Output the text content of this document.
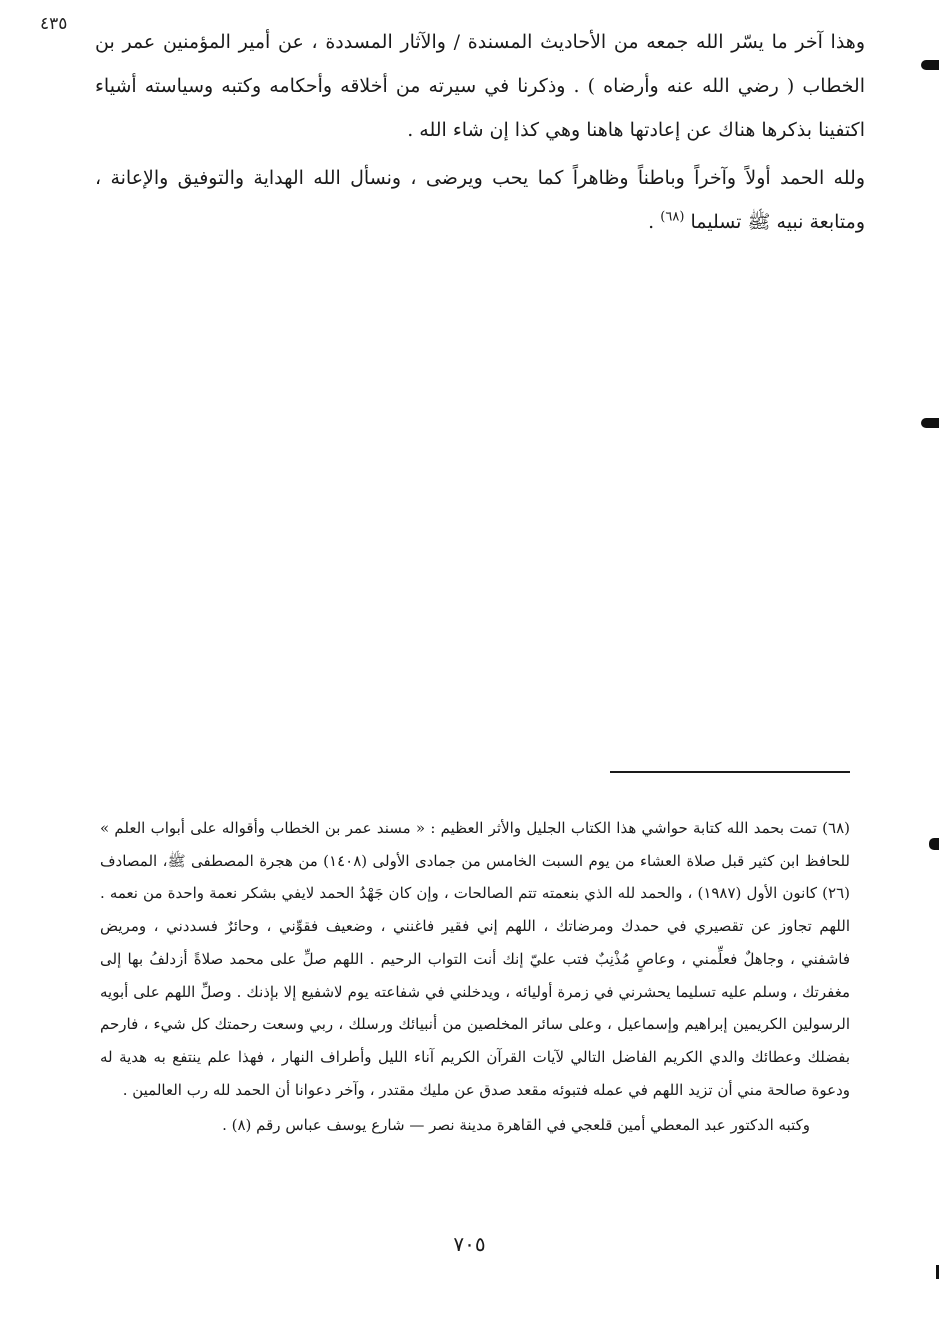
٤٣٥

وهذا آخر ما يسّر الله جمعه من الأحاديث المسندة / والآثار المسددة ، عن أمير المؤمنين عمر بن الخطاب ( رضي الله عنه وأرضاه ) . وذكرنا في سيرته من أخلاقه وأحكامه وكتبه وسياسته أشياء اكتفينا بذكرها هناك عن إعادتها هاهنا وهي كذا إن شاء الله .

ولله الحمد أولاً وآخراً وباطناً وظاهراً كما يحب ويرضى ، ونسأل الله الهداية والتوفيق والإعانة ، ومتابعة نبيه ﷺ تسليما $^{(٦٨)}$ .

(٦٨) تمت بحمد الله كتابة حواشي هذا الكتاب الجليل والأثر العظيم : « مسند عمر بن الخطاب وأقواله على أبواب العلم » للحافظ ابن كثير قبل صلاة العشاء من يوم السبت الخامس من جمادى الأولى (١٤٠٨) من هجرة المصطفى ﷺ، المصادف (٢٦) كانون الأول (١٩٨٧) ، والحمد لله الذي بنعمته تتم الصالحات ، وإن كان جَهْدُ الحمد لايفي بشكر نعمة واحدة من نعمه . اللهم تجاوز عن تقصيري في حمدك ومرضاتك ، اللهم إني فقير فاغنني ، وضعيف فقوِّني ، وحائرٌ فسددني ، ومريض فاشفني ، وجاهلٌ فعلِّمني ، وعاصٍ مُذْنِبٌ فتب عليّ إنك أنت التواب الرحيم . اللهم صلِّ على محمد صلاةً أزدلفُ بها إلى مغفرتك ، وسلم عليه تسليما يحشرني في زمرة أوليائه ، ويدخلني في شفاعته يوم لاشفيع إلا بإذنك . وصلِّ اللهم على أبويه الرسولين الكريمين إبراهيم وإسماعيل ، وعلى سائر المخلصين من أنبيائك ورسلك ، ربي وسعت رحمتك كل شيء ، فارحم بفضلك وعطائك والدي الكريم الفاضل التالي لآيات القرآن الكريم آناء الليل وأطراف النهار ، فهذا علم ينتفع به هدية له ودعوة صالحة مني أن تزيد اللهم في عمله فتبوئه مقعد صدق عن مليك مقتدر ، وآخر دعوانا أن الحمد لله رب العالمين .

وكتبه الدكتور عبد المعطي أمين قلعجي في القاهرة مدينة نصر — شارع يوسف عباس رقم (٨) .

٧٠٥
